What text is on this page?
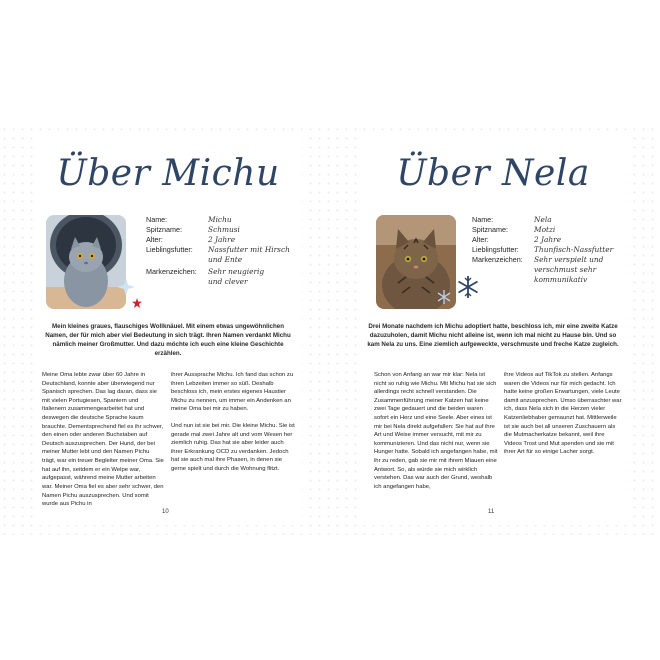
Über Michu
Name:	Michu
Spitzname:	Schmusi
Alter:	2 Jahre
Lieblingsfutter:	Nassfutter mit Hirsch und Ente
Markenzeichen:	Sehr neugierig und clever
Mein kleines graues, flauschiges Wollknäuel. Mit einem etwas ungewöhnlichen Namen, der für mich aber viel Bedeutung in sich trägt. Ihren Namen verdankt Michu nämlich meiner Großmutter. Und dazu möchte ich euch eine kleine Geschichte erzählen.
Meine Oma lebte zwar über 60 Jahre in Deutschland, konnte aber überwiegend nur Spanisch sprechen. Das lag daran, dass sie mit vielen Portugiesen, Spaniern und Italienern zusammengearbeitet hat und deswegen die deutsche Sprache kaum brauchte. Dementsprechend fiel es ihr schwer, den einen oder anderen Buchstaben auf Deutsch auszusprechen. Der Hund, der bei meiner Mutter lebt und den Namen Pichu trägt, war ein treuer Begleiter meiner Oma. Sie hat auf ihn, seitdem er ein Welpe war, aufgepasst, während meine Mutter arbeiten war. Meiner Oma fiel es aber sehr schwer, den Namen Pichu auszusprechen. Und somit wurde aus Pichu in
ihrer Aussprache Michu. Ich fand das schon zu ihren Lebzeiten immer so süß. Deshalb beschloss ich, mein erstes eigenes Haustier Michu zu nennen, um immer ein Andenken an meine Oma bei mir zu haben.
Und nun ist sie bei mir. Die kleine Michu. Sie ist gerade mal zwei Jahre alt und vom Wesen her ziemlich ruhig. Das hat sie aber leider auch ihrer Erkrankung OCD zu verdanken. Jedoch hat sie auch mal ihre Phasen, in denen sie gerne spielt und durch die Wohnung flitzt.
10
Über Nela
Name:	Nela
Spitzname:	Motzi
Alter:	2 Jahre
Lieblingsfutter:	Thunfisch-Nassfutter
Markenzeichen:	Sehr verspielt und verschmust sehr kommunikativ
Drei Monate nachdem ich Michu adoptiert hatte, beschloss ich, mir eine zweite Katze dazuzuholen, damit Michu nicht alleine ist, wenn ich mal nicht zu Hause bin. Und so kam Nela zu uns. Eine ziemlich aufgeweckte, verschmuste und freche Katze zugleich.
Schon von Anfang an war mir klar: Nela ist nicht so ruhig wie Michu. Mit Michu hat sie sich allerdings recht schnell verstanden. Die Zusammenführung meiner Katzen hat keine zwei Tage gedauert und die beiden waren sofort ein Herz und eine Seele. Aber eines ist mir bei Nela direkt aufgefallen: Sie hat auf ihre Art und Weise immer versucht, mit mir zu kommunizieren. Und das nicht nur, wenn sie Hunger hatte. Sobald ich angefangen habe, mit ihr zu reden, gab sie mir mit ihrem Miauen eine Antwort. So, als würde sie mich wirklich verstehen. Das war auch der Grund, weshalb ich angefangen habe,
ihre Videos auf TikTok zu stellen. Anfangs waren die Videos nur für mich gedacht. Ich hatte keine großen Erwartungen, viele Leute damit anzusprechen. Umso überraschter war ich, dass Nela sich in die Herzen vieler Katzenliebhaber gemaunzt hat. Mittlerweile ist sie auch bei all unseren Zuschauern als die Mutmacherkatze bekannt, weil ihre Videos Trost und Mut spenden und sie mit ihrer Art für so einige Lacher sorgt.
11
